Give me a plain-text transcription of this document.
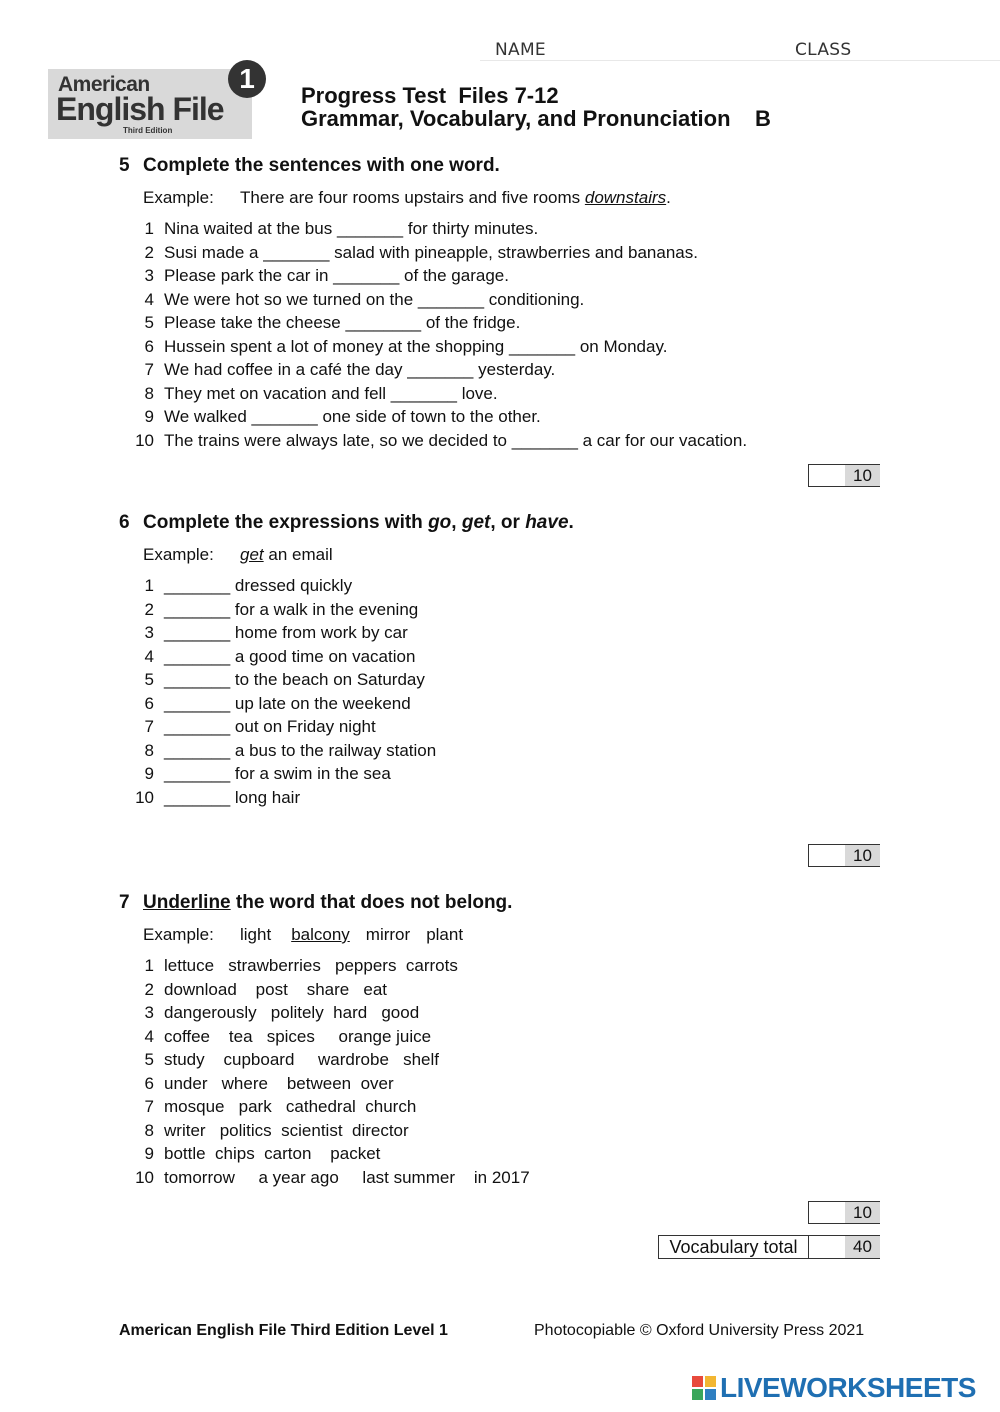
NAME	CLASS
American
English File
Third Edition
1
Progress Test  Files 7-12
Grammar, Vocabulary, and Pronunciation    B
5 Complete the sentences with one word.
Example: There are four rooms upstairs and five rooms downstairs.
1 Nina waited at the bus _______ for thirty minutes.
2 Susi made a _______ salad with pineapple, strawberries and bananas.
3 Please park the car in _______ of the garage.
4 We were hot so we turned on the _______ conditioning.
5 Please take the cheese ________ of the fridge.
6 Hussein spent a lot of money at the shopping _______ on Monday.
7 We had coffee in a café the day _______ yesterday.
8 They met on vacation and fell _______ love.
9 We walked _______ one side of town to the other.
10 The trains were always late, so we decided to _______ a car for our vacation.
10
6 Complete the expressions with go, get, or have.
Example: get an email
1 _______ dressed quickly
2 _______ for a walk in the evening
3 _______ home from work by car
4 _______ a good time on vacation
5 _______ to the beach on Saturday
6 _______ up late on the weekend
7 _______ out on Friday night
8 _______ a bus to the railway station
9 _______ for a swim in the sea
10 _______ long hair
10
7 Underline the word that does not belong.
Example: light balcony mirror plant
1 lettuce   strawberries   peppers  carrots
2 download    post    share   eat
3 dangerously   politely  hard   good
4 coffee    tea   spices     orange juice
5 study    cupboard     wardrobe   shelf
6 under   where    between  over
7 mosque   park   cathedral  church
8 writer   politics  scientist  director
9 bottle  chips  carton    packet
10 tomorrow     a year ago     last summer    in 2017
10
Vocabulary total	40
American English File Third Edition Level 1	Photocopiable © Oxford University Press 2021
LIVEWORKSHEETS
